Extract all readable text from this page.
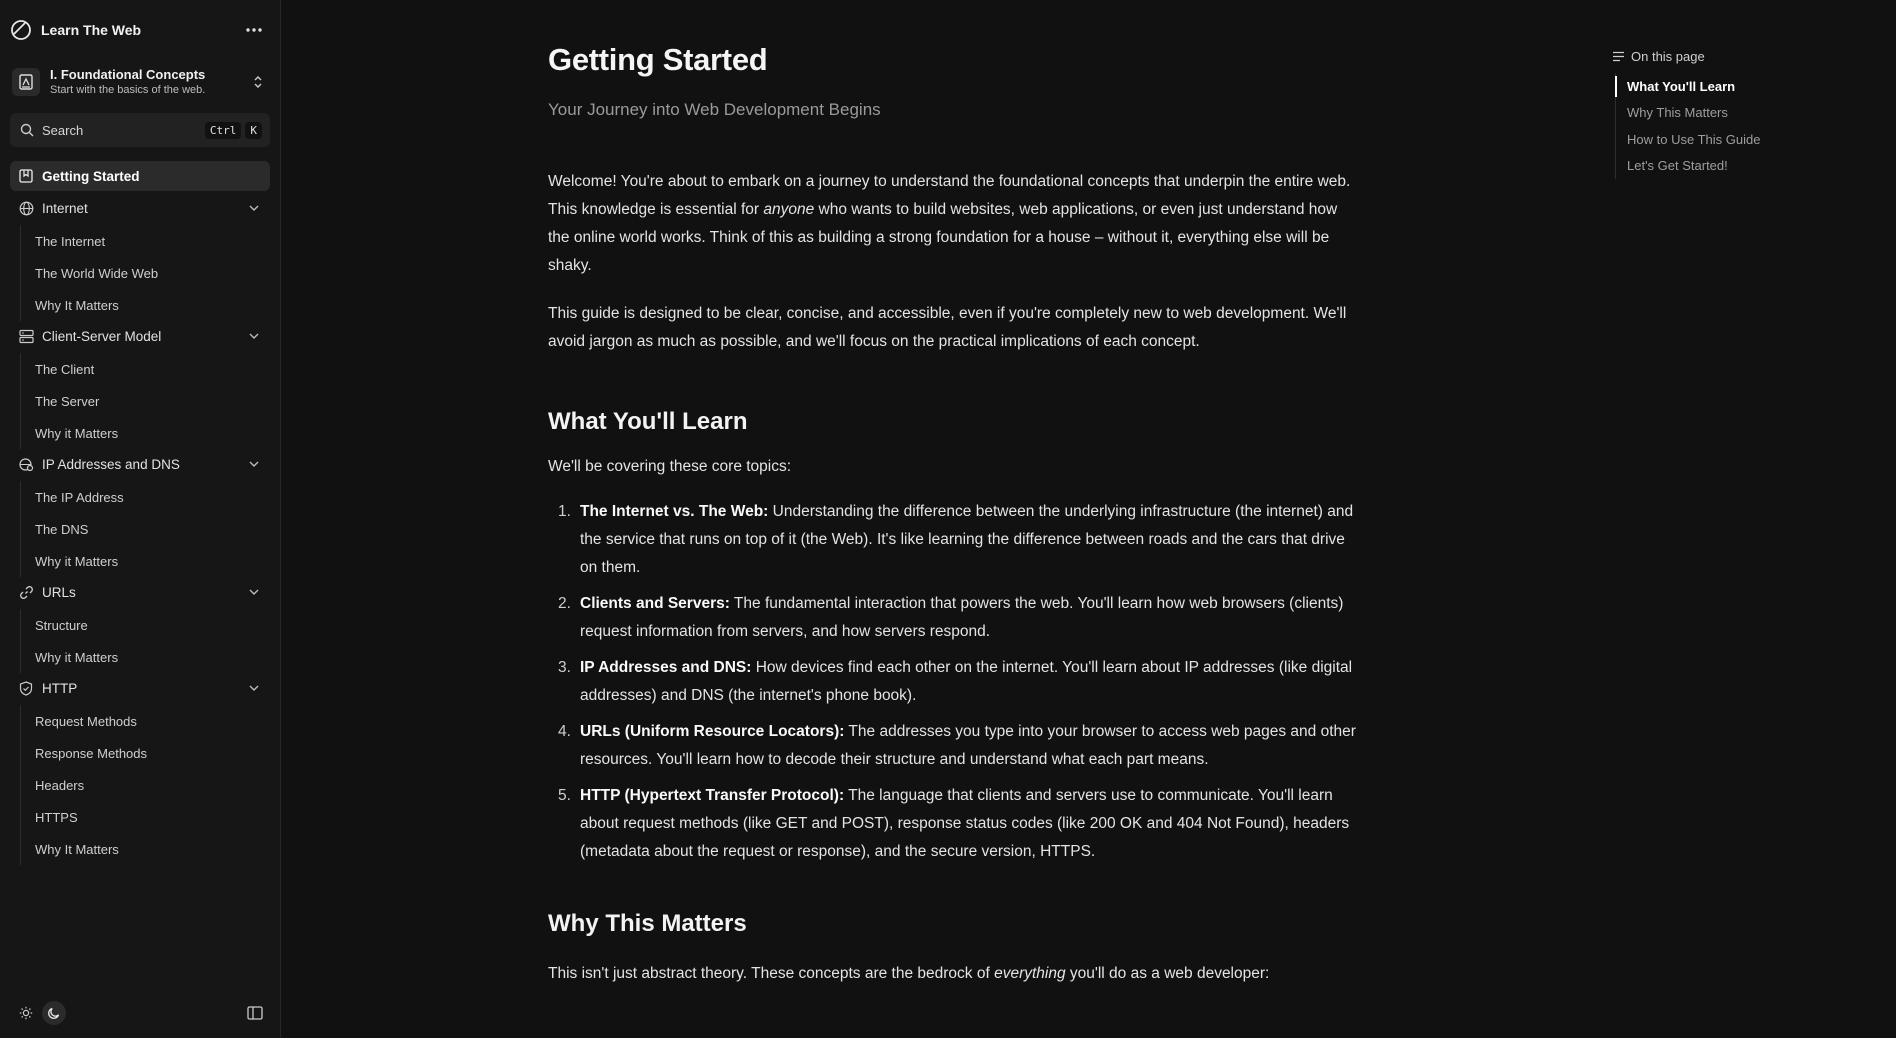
Learn The Web
I. Foundational Concepts
Start with the basics of the web.
Search	Ctrl	K
Getting Started
Internet
The Internet
The World Wide Web
Why It Matters
Client-Server Model
The Client
The Server
Why it Matters
IP Addresses and DNS
The IP Address
The DNS
Why it Matters
URLs
Structure
Why it Matters
HTTP
Request Methods
Response Methods
Headers
HTTPS
Why It Matters
Getting Started

Your Journey into Web Development Begins

Welcome! You're about to embark on a journey to understand the foundational concepts that underpin the entire web. This knowledge is essential for anyone who wants to build websites, web applications, or even just understand how the online world works. Think of this as building a strong foundation for a house – without it, everything else will be shaky.

This guide is designed to be clear, concise, and accessible, even if you're completely new to web development. We'll avoid jargon as much as possible, and we'll focus on the practical implications of each concept.

What You'll Learn

We'll be covering these core topics:

1. The Internet vs. The Web: Understanding the difference between the underlying infrastructure (the internet) and the service that runs on top of it (the Web). It's like learning the difference between roads and the cars that drive on them.
2. Clients and Servers: The fundamental interaction that powers the web. You'll learn how web browsers (clients) request information from servers, and how servers respond.
3. IP Addresses and DNS: How devices find each other on the internet. You'll learn about IP addresses (like digital addresses) and DNS (the internet's phone book).
4. URLs (Uniform Resource Locators): The addresses you type into your browser to access web pages and other resources. You'll learn how to decode their structure and understand what each part means.
5. HTTP (Hypertext Transfer Protocol): The language that clients and servers use to communicate. You'll learn about request methods (like GET and POST), response status codes (like 200 OK and 404 Not Found), headers (metadata about the request or response), and the secure version, HTTPS.
Why This Matters

This isn't just abstract theory. These concepts are the bedrock of everything you'll do as a web developer:

On this page
What You'll Learn
Why This Matters
How to Use This Guide
Let's Get Started!
